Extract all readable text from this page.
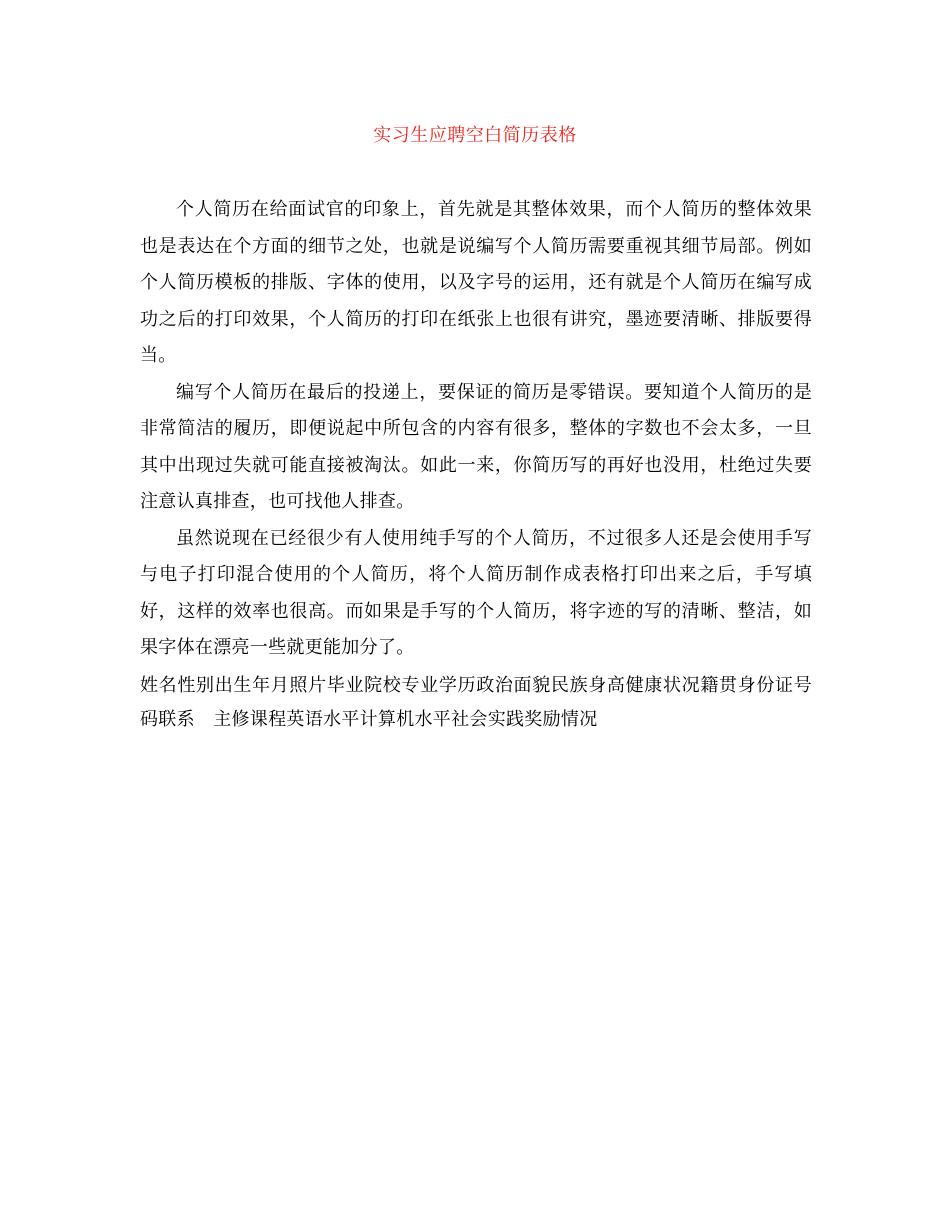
实习生应聘空白简历表格

个人简历在给面试官的印象上，首先就是其整体效果，而个人简历的整体效果也是表达在个方面的细节之处，也就是说编写个人简历需要重视其细节局部。例如个人简历模板的排版、字体的使用，以及字号的运用，还有就是个人简历在编写成功之后的打印效果，个人简历的打印在纸张上也很有讲究，墨迹要清晰、排版要得当。

编写个人简历在最后的投递上，要保证的简历是零错误。要知道个人简历的是非常简洁的履历，即便说起中所包含的内容有很多，整体的字数也不会太多，一旦其中出现过失就可能直接被淘汰。如此一来，你简历写的再好也没用，杜绝过失要注意认真排查，也可找他人排查。

虽然说现在已经很少有人使用纯手写的个人简历，不过很多人还是会使用手写与电子打印混合使用的个人简历，将个人简历制作成表格打印出来之后，手写填好，这样的效率也很高。而如果是手写的个人简历，将字迹的写的清晰、整洁，如果字体在漂亮一些就更能加分了。

姓名性别出生年月照片毕业院校专业学历政治面貌民族身高健康状况籍贯身份证号码联系　主修课程英语水平计算机水平社会实践奖励情况
